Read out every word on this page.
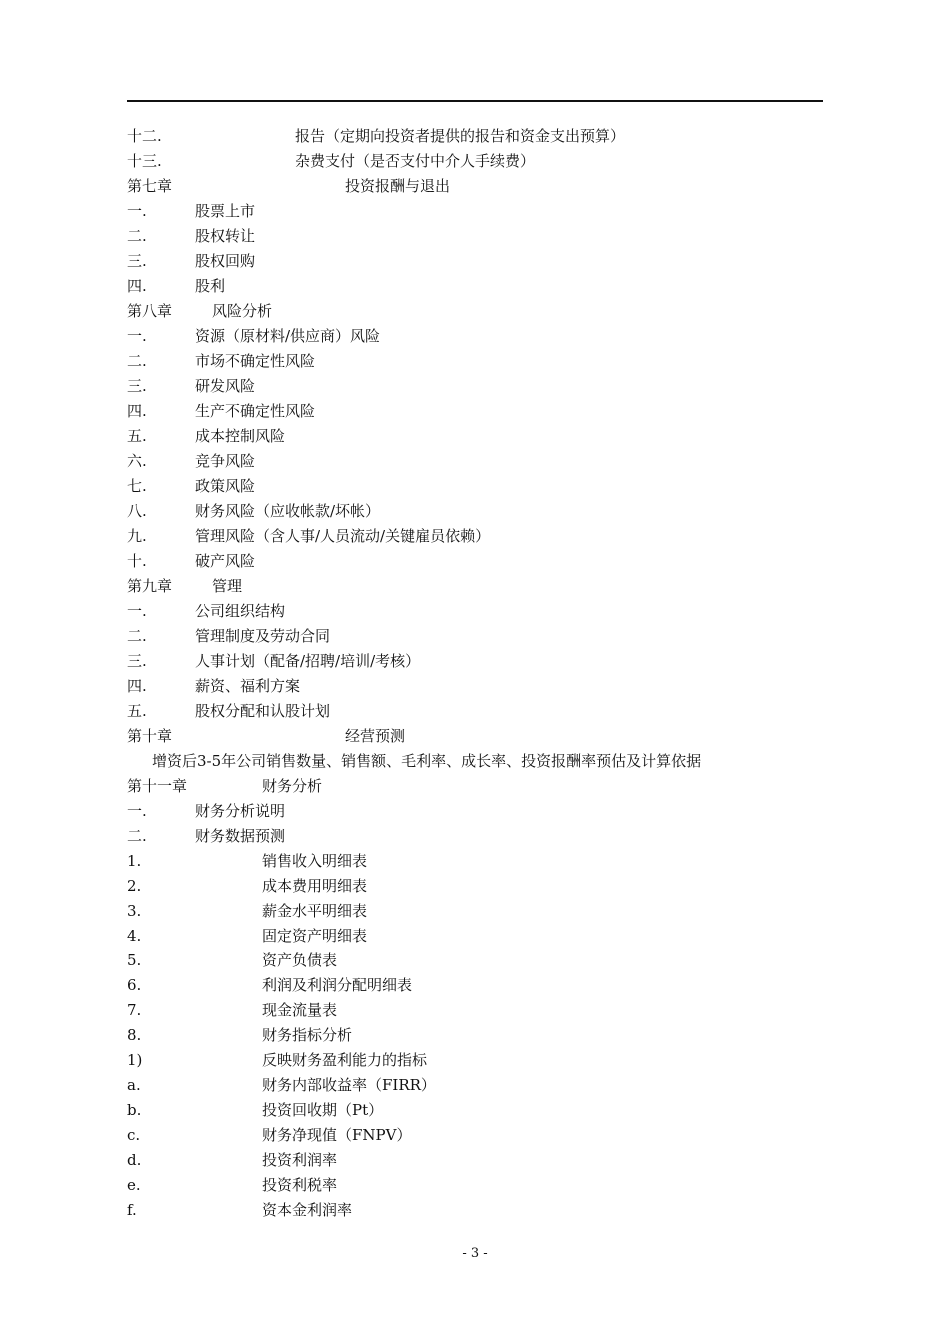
十二.	报告（定期向投资者提供的报告和资金支出预算）
十三.	杂费支付（是否支付中介人手续费）
第七章	投资报酬与退出
一.	股票上市
二.	股权转让
三.	股权回购
四.	股利
第八章	风险分析
一.	资源（原材料/供应商）风险
二.	市场不确定性风险
三.	研发风险
四.	生产不确定性风险
五.	成本控制风险
六.	竞争风险
七.	政策风险
八.	财务风险（应收帐款/坏帐）
九.	管理风险（含人事/人员流动/关键雇员依赖）
十.	破产风险
第九章	管理
一.	公司组织结构
二.	管理制度及劳动合同
三.	人事计划（配备/招聘/培训/考核）
四.	薪资、福利方案
五.	股权分配和认股计划
第十章	经营预测
增资后3-5年公司销售数量、销售额、毛利率、成长率、投资报酬率预估及计算依据
第十一章	财务分析
一.	财务分析说明
二.	财务数据预测
1.	销售收入明细表
2.	成本费用明细表
3.	薪金水平明细表
4.	固定资产明细表
5.	资产负债表
6.	利润及利润分配明细表
7.	现金流量表
8.	财务指标分析
1)	反映财务盈利能力的指标
a.	财务内部收益率（FIRR）
b.	投资回收期（Pt）
c.	财务净现值（FNPV）
d.	投资利润率
e.	投资利税率
f.	资本金利润率
- 3 -
